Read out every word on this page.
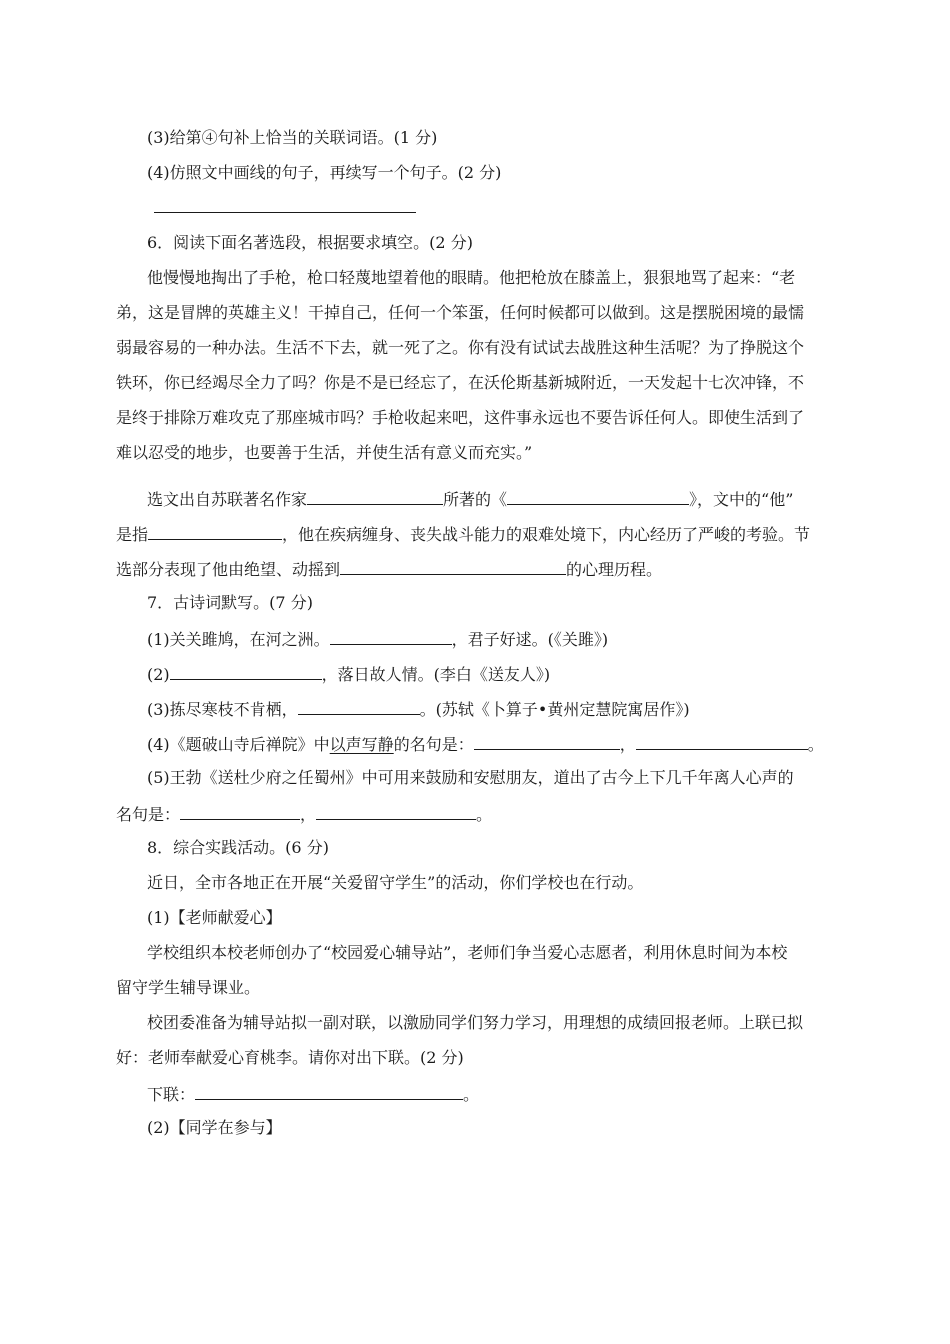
(3)给第④句补上恰当的关联词语。(1 分)
(4)仿照文中画线的句子，再续写一个句子。(2 分)
6．阅读下面名著选段，根据要求填空。(2 分)
他慢慢地掏出了手枪，枪口轻蔑地望着他的眼睛。他把枪放在膝盖上，狠狠地骂了起来：“老
弟，这是冒牌的英雄主义！干掉自己，任何一个笨蛋，任何时候都可以做到。这是摆脱困境的最懦
弱最容易的一种办法。生活不下去，就一死了之。你有没有试试去战胜这种生活呢？为了挣脱这个
铁环，你已经竭尽全力了吗？你是不是已经忘了，在沃伦斯基新城附近，一天发起十七次冲锋，不
是终于排除万难攻克了那座城市吗？手枪收起来吧，这件事永远也不要告诉任何人。即使生活到了
难以忍受的地步，也要善于生活，并使生活有意义而充实。”
选文出自苏联著名作家	所著的《	》，文中的“他”
是指	，他在疾病缠身、丧失战斗能力的艰难处境下，内心经历了严峻的考验。节
选部分表现了他由绝望、动摇到	的心理历程。
7．古诗词默写。(7 分)
(1)关关雎鸠，在河之洲。	，君子好逑。(《关雎》)
(2)	，落日故人情。(李白《送友人》)
(3)拣尽寒枝不肯栖，	。(苏轼《卜算子•黄州定慧院寓居作》)
(4)《题破山寺后禅院》中以声写静的名句是：	，	。
(5)王勃《送杜少府之任蜀州》中可用来鼓励和安慰朋友，道出了古今上下几千年离人心声的
名句是：	，	。
8．综合实践活动。(6 分)
近日，全市各地正在开展“关爱留守学生”的活动，你们学校也在行动。
(1)【老师献爱心】
学校组织本校老师创办了“校园爱心辅导站”，老师们争当爱心志愿者，利用休息时间为本校
留守学生辅导课业。
校团委准备为辅导站拟一副对联，以激励同学们努力学习，用理想的成绩回报老师。上联已拟
好：老师奉献爱心育桃李。请你对出下联。(2 分)
下联：	。
(2)【同学在参与】
